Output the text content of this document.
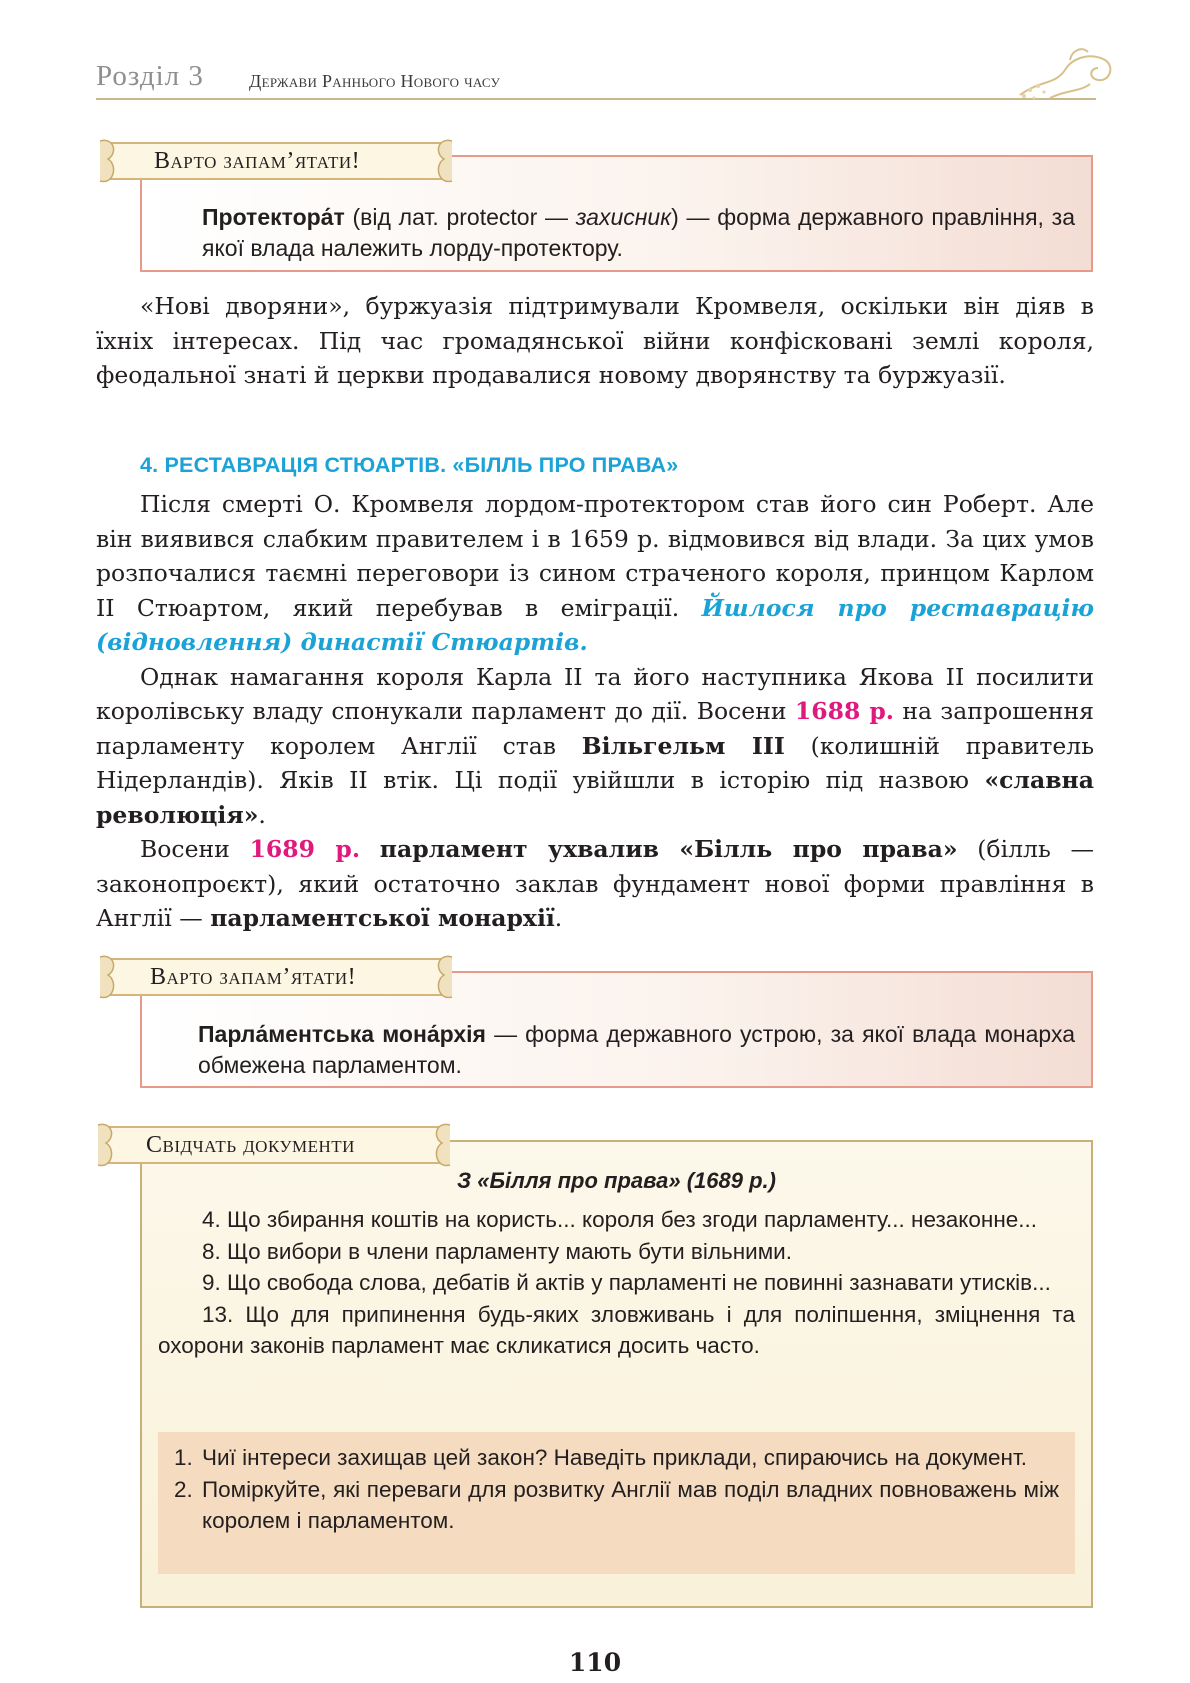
Розділ 3	Держави Раннього Нового часу
Протектора́т (від лат. protector — захисник) — форма державного правління, за якої влада належить лорду-протектору.
Варто запам’ятати!

«Нові дворяни», буржуазія підтримували Кромвеля, оскільки він діяв в їхніх інтересах. Під час громадянської війни конфісковані землі короля, феодальної знаті й церкви продавалися новому дворянству та буржуазії.

4. РЕСТАВРАЦІЯ СТЮАРТІВ. «БІЛЛЬ ПРО ПРАВА»

Після смерті О. Кромвеля лордом-протектором став його син Роберт. Але він виявився слабким правителем і в 1659 р. відмовився від влади. За цих умов розпочалися таємні переговори із сином страченого короля, принцом Карлом ІІ Стюартом, який перебував в еміграції. Йшлося про реставрацію (відновлення) династії Стюартів.

Однак намагання короля Карла ІІ та його наступника Якова ІІ посилити королівську владу спонукали парламент до дії. Восени 1688 р. на запрошення парламенту королем Англії став Вільгельм ІІІ (колишній правитель Нідерландів). Яків ІІ втік. Ці події увійшли в історію під назвою «славна революція».

Восени 1689 р. парламент ухвалив «Білль про права» (білль — законопроєкт), який остаточно заклав фундамент нової форми правління в Англії — парламентської монархії.

Парла́ментська мона́рхія — форма державного устрою, за якої влада монарха обмежена парламентом.
Варто запам’ятати!
З «Білля про права» (1689 р.)

4. Що збирання коштів на користь... короля без згоди парламенту... незаконне...

8. Що вибори в члени парламенту мають бути вільними.

9. Що свобода слова, дебатів й актів у парламенті не повинні зазнавати утисків...

13. Що для припинення будь-яких зловживань і для поліпшення, зміцнення та охорони законів парламент має скликатися досить часто.

1. Чиї інтереси захищав цей закон? Наведіть приклади, спираючись на документ.
2. Поміркуйте, які переваги для розвитку Англії мав поділ владних повноважень між королем і парламентом.
Свідчать документи
110
